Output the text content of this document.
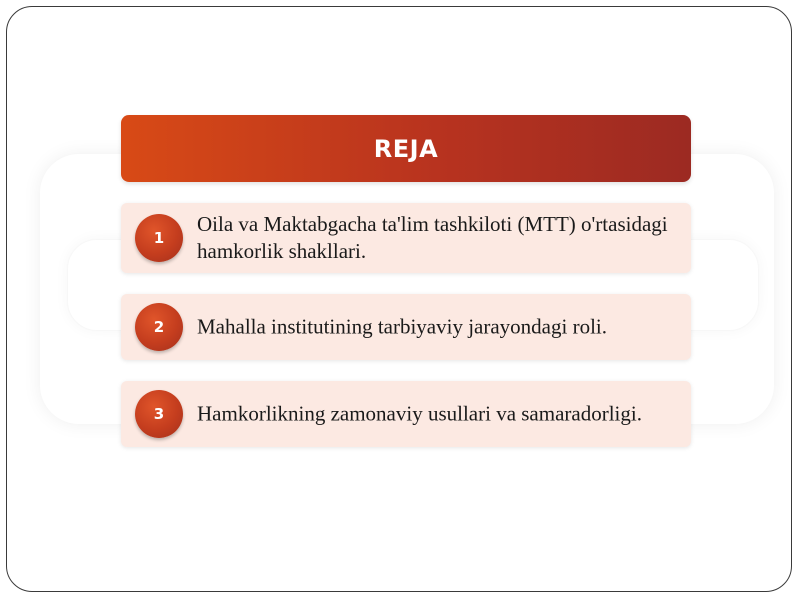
REJA
1
Oila va Maktabgacha ta'lim tashkiloti (MTT) o'rtasidagi hamkorlik shakllari.
2 Mahalla institutining tarbiyaviy jarayondagi roli.
3 Hamkorlikning zamonaviy usullari va samaradorligi.
